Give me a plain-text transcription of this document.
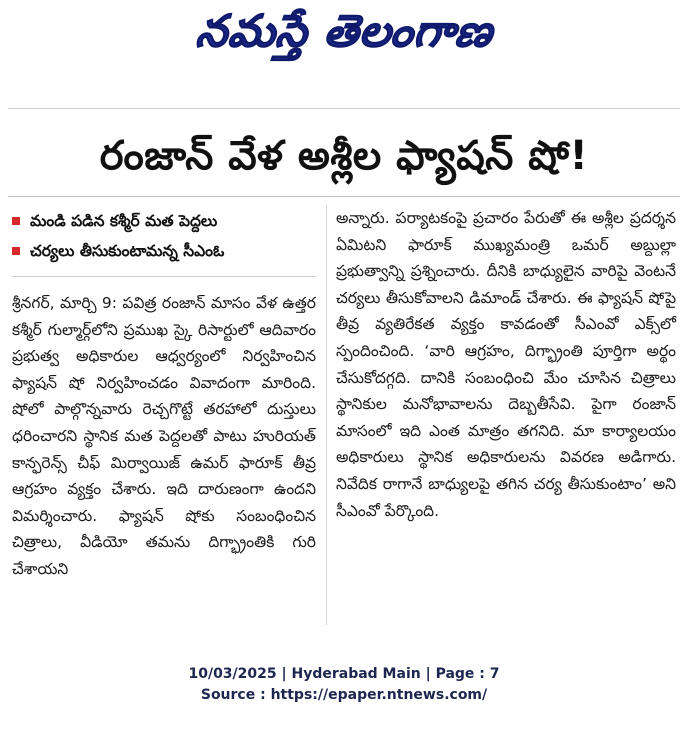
నమస్తే తెలంగాణ
రంజాన్ వేళ అశ్లీల ఫ్యాషన్ షో!
మండి పడిన కశ్మీర్ మత పెద్దలు
చర్యలు తీసుకుంటామన్న సీఎంఓ

శ్రీనగర్, మార్చి 9: పవిత్ర రంజాన్ మాసం వేళ ఉత్తర కశ్మీర్ గుల్మార్గ్‌లోని ప్రముఖ స్కై రిసార్టులో ఆదివారం ప్రభుత్వ అధికారుల ఆధ్వర్యంలో నిర్వహించిన ఫ్యాషన్ షో నిర్వహించడం వివాదంగా మారింది. షోలో పాల్గొన్నవారు రెచ్చగొట్టే తరహాలో దుస్తులు ధరించారని స్థానిక మత పెద్దలతో పాటు హురియత్ కాన్ఫరెన్స్ చీఫ్ మిర్వాయిజ్ ఉమర్ ఫారూక్ తీవ్ర ఆగ్రహం వ్యక్తం చేశారు. ఇది దారుణంగా ఉందని విమర్శించారు. ఫ్యాషన్ షోకు సంబంధించిన చిత్రాలు, వీడియో తమను దిగ్భ్రాంతికి గురి చేశాయని

అన్నారు. పర్యాటకంపై ప్రచారం పేరుతో ఈ అశ్లీల ప్రదర్శన ఏమిటని ఫారూక్ ముఖ్యమంత్రి ఒమర్ అబ్దుల్లా ప్రభుత్వాన్ని ప్రశ్నించారు. దీనికి బాధ్యులైన వారిపై వెంటనే చర్యలు తీసుకోవాలని డిమాండ్ చేశారు. ఈ ఫ్యాషన్ షోపై తీవ్ర వ్యతిరేకత వ్యక్తం కావడంతో సీఎంవో ఎక్స్‌లో స్పందించింది. ‘వారి ఆగ్రహం, దిగ్భ్రాంతి పూర్తిగా అర్థం చేసుకోదగ్గది. దానికి సంబంధించి మేం చూసిన చిత్రాలు స్థానికుల మనోభావాలను దెబ్బతీసేవి. పైగా రంజాన్ మాసంలో ఇది ఎంత మాత్రం తగనిది. మా కార్యాలయం అధికారులు స్థానిక అధికారులను వివరణ అడిగారు. నివేదిక రాగానే బాధ్యులపై తగిన చర్య తీసుకుంటాం’ అని సీఎంవో పేర్కొంది.

10/03/2025 | Hyderabad Main | Page : 7
Source : https://epaper.ntnews.com/
